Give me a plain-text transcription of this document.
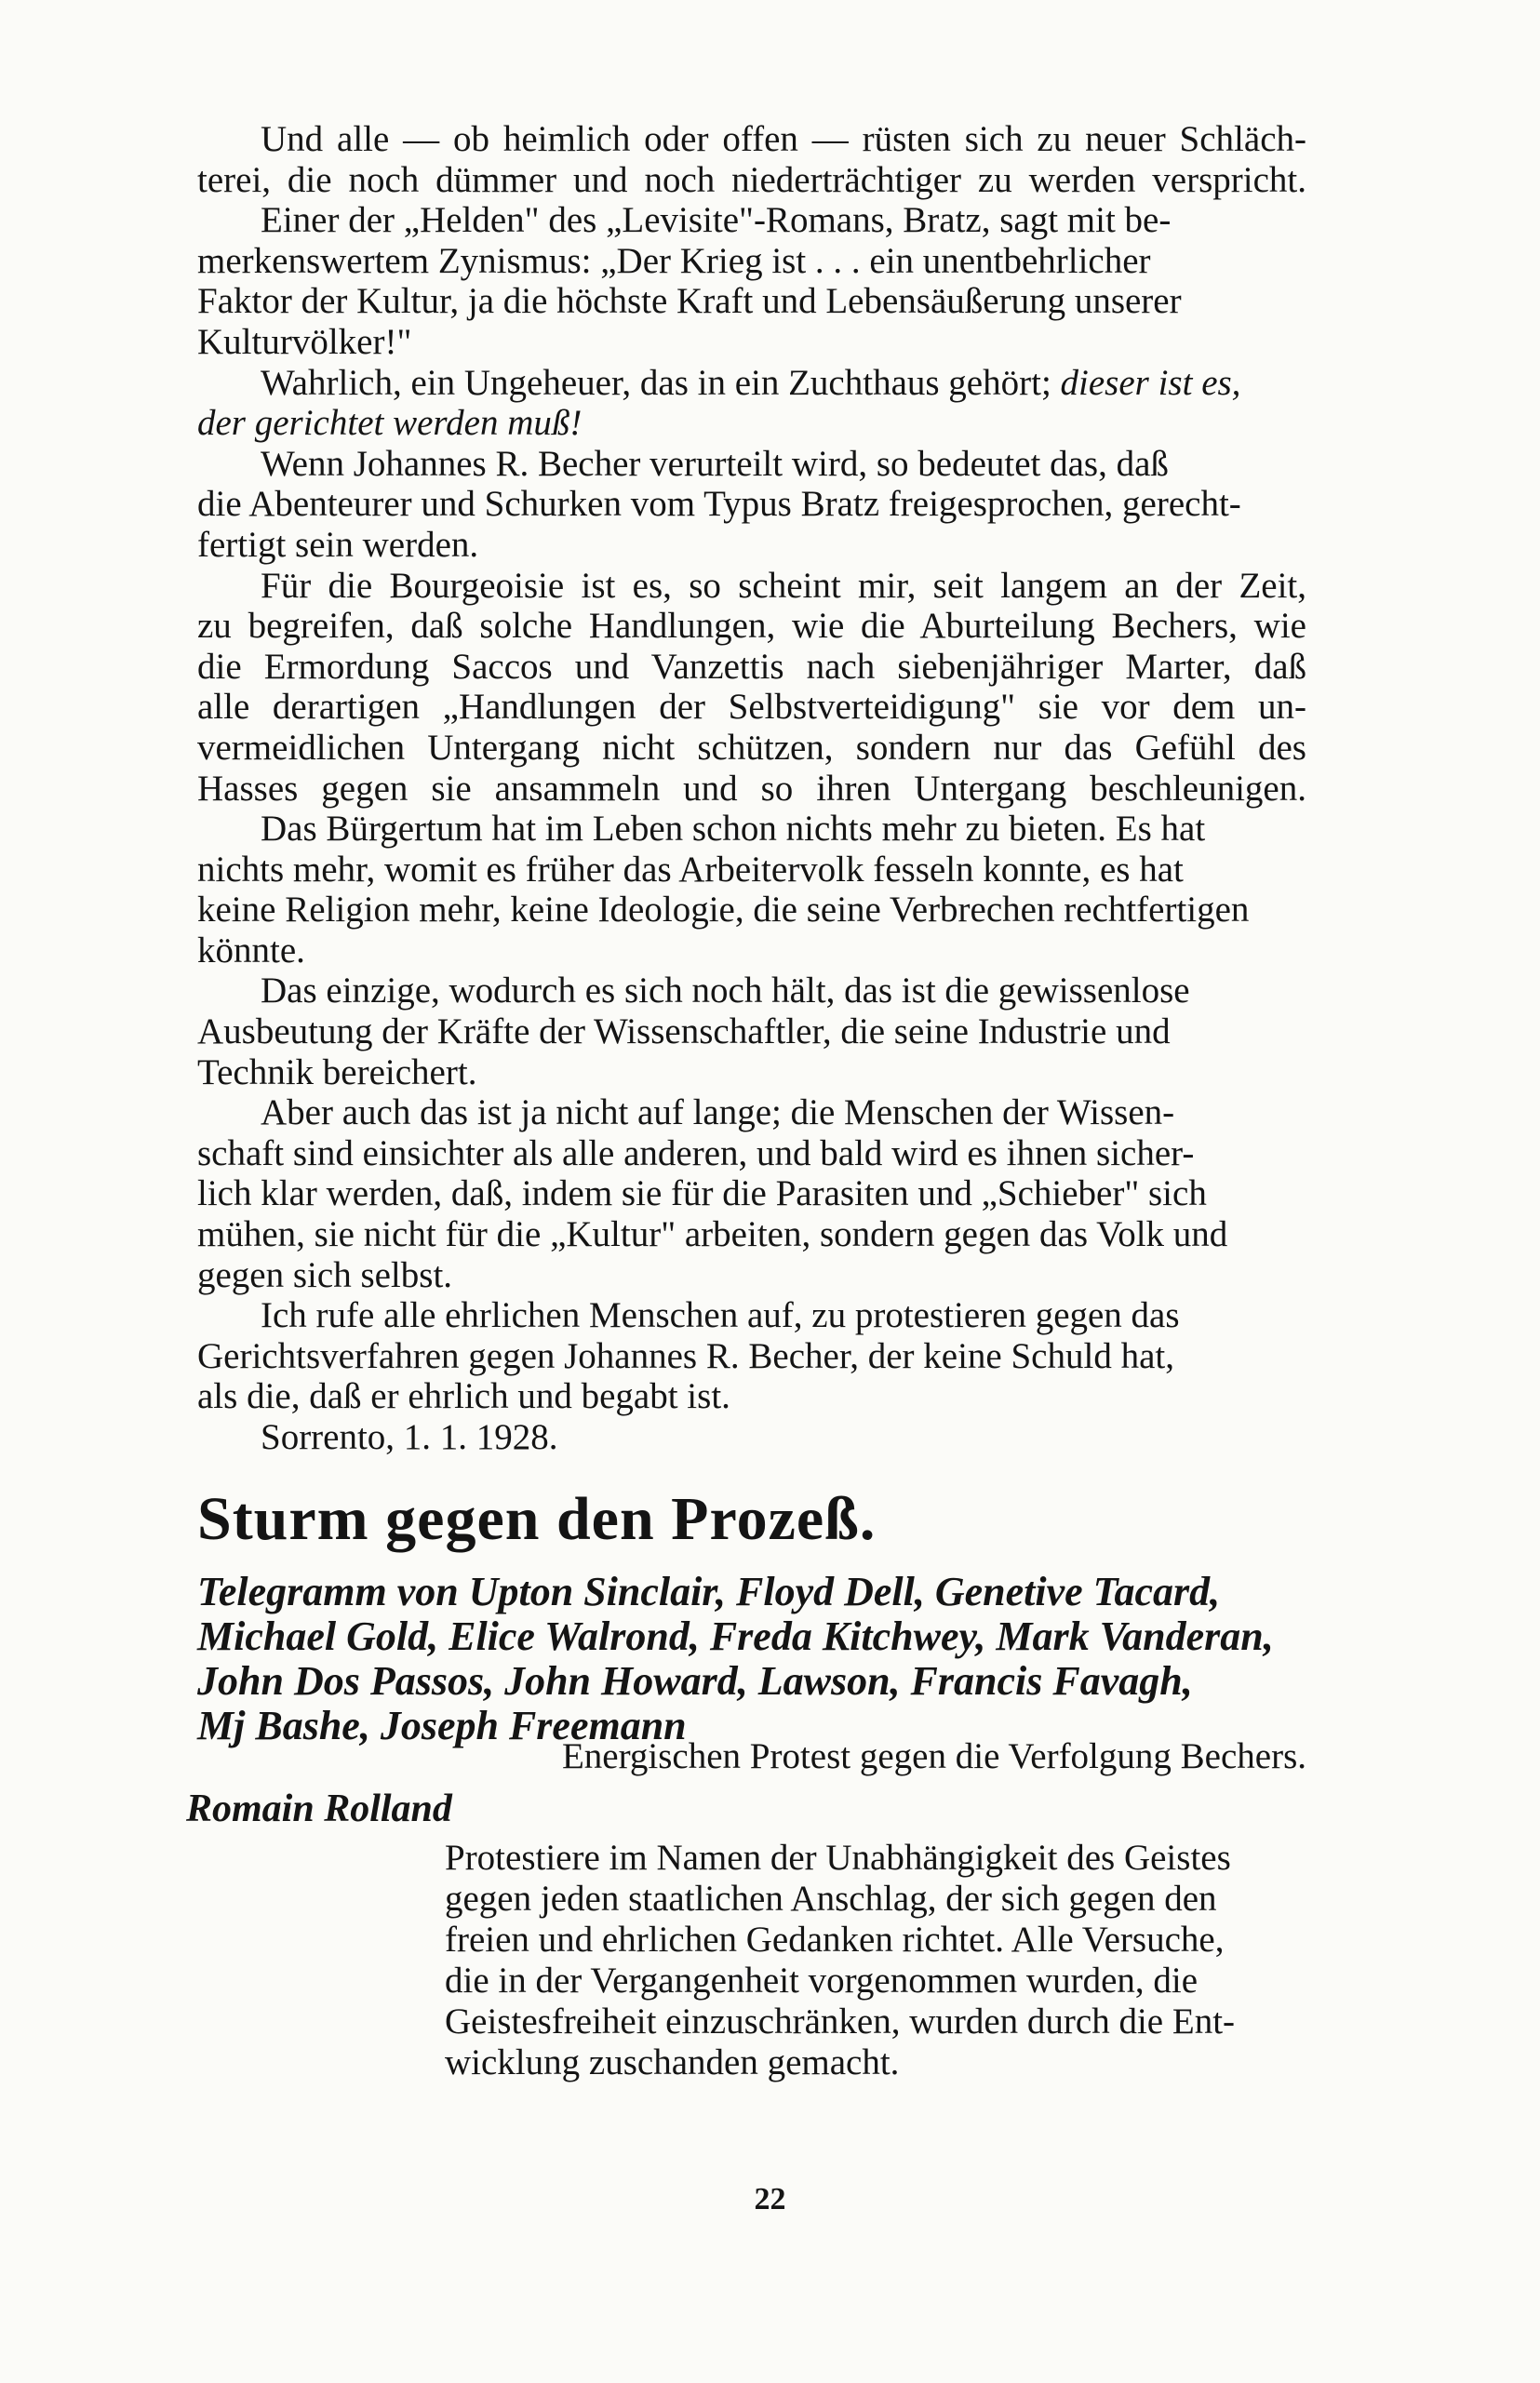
Und alle — ob heimlich oder offen — rüsten sich zu neuer Schläch-
terei, die noch dümmer und noch niederträchtiger zu werden verspricht.

Einer der „Helden" des „Levisite"-Romans, Bratz, sagt mit be-
merkenswertem Zynismus: „Der Krieg ist . . . ein unentbehrlicher
Faktor der Kultur, ja die höchste Kraft und Lebensäußerung unserer
Kulturvölker!"

Wahrlich, ein Ungeheuer, das in ein Zuchthaus gehört; dieser ist es,
der gerichtet werden muß!

Wenn Johannes R. Becher verurteilt wird, so bedeutet das, daß
die Abenteurer und Schurken vom Typus Bratz freigesprochen, gerecht-
fertigt sein werden.

Für die Bourgeoisie ist es, so scheint mir, seit langem an der Zeit,
zu begreifen, daß solche Handlungen, wie die Aburteilung Bechers, wie
die Ermordung Saccos und Vanzettis nach siebenjähriger Marter, daß
alle derartigen „Handlungen der Selbstverteidigung" sie vor dem un-
vermeidlichen Untergang nicht schützen, sondern nur das Gefühl des
Hasses gegen sie ansammeln und so ihren Untergang beschleunigen.

Das Bürgertum hat im Leben schon nichts mehr zu bieten. Es hat
nichts mehr, womit es früher das Arbeitervolk fesseln konnte, es hat
keine Religion mehr, keine Ideologie, die seine Verbrechen rechtfertigen
könnte.

Das einzige, wodurch es sich noch hält, das ist die gewissenlose
Ausbeutung der Kräfte der Wissenschaftler, die seine Industrie und
Technik bereichert.

Aber auch das ist ja nicht auf lange; die Menschen der Wissen-
schaft sind einsichter als alle anderen, und bald wird es ihnen sicher-
lich klar werden, daß, indem sie für die Parasiten und „Schieber" sich
mühen, sie nicht für die „Kultur" arbeiten, sondern gegen das Volk und
gegen sich selbst.

Ich rufe alle ehrlichen Menschen auf, zu protestieren gegen das
Gerichtsverfahren gegen Johannes R. Becher, der keine Schuld hat,
als die, daß er ehrlich und begabt ist.

Sorrento, 1. 1. 1928.

Sturm gegen den Prozeß.

Telegramm von Upton Sinclair, Floyd Dell, Genetive Tacard,
Michael Gold, Elice Walrond, Freda Kitchwey, Mark Vanderan,
John Dos Passos, John Howard, Lawson, Francis Favagh,
Mj Bashe, Joseph Freemann

Energischen Protest gegen die Verfolgung Bechers.

Romain Rolland

Protestiere im Namen der Unabhängigkeit des Geistes
gegen jeden staatlichen Anschlag, der sich gegen den
freien und ehrlichen Gedanken richtet. Alle Versuche,
die in der Vergangenheit vorgenommen wurden, die
Geistesfreiheit einzuschränken, wurden durch die Ent-
wicklung zuschanden gemacht.

22
